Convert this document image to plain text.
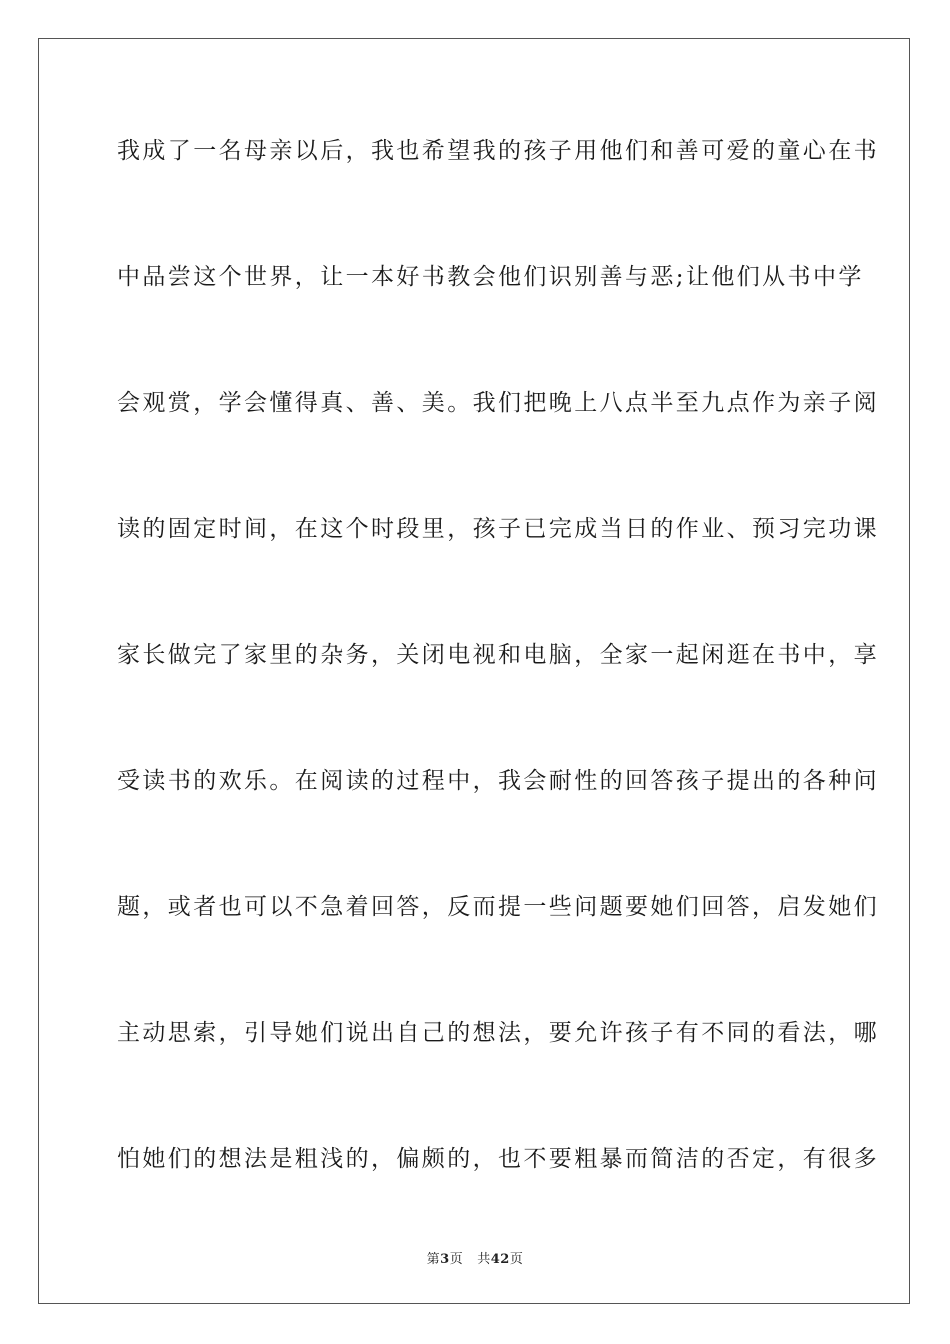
我成了一名母亲以后，我也希望我的孩子用他们和善可爱的童心在书
中品尝这个世界，让一本好书教会他们识别善与恶;让他们从书中学
会观赏，学会懂得真、善、美。我们把晚上八点半至九点作为亲子阅
读的固定时间，在这个时段里，孩子已完成当日的作业、预习完功课
家长做完了家里的杂务，关闭电视和电脑，全家一起闲逛在书中，享
受读书的欢乐。在阅读的过程中，我会耐性的回答孩子提出的各种问
题，或者也可以不急着回答，反而提一些问题要她们回答，启发她们
主动思索，引导她们说出自己的想法，要允许孩子有不同的看法，哪
怕她们的想法是粗浅的，偏颇的，也不要粗暴而简洁的否定，有很多
第3页 共42页
